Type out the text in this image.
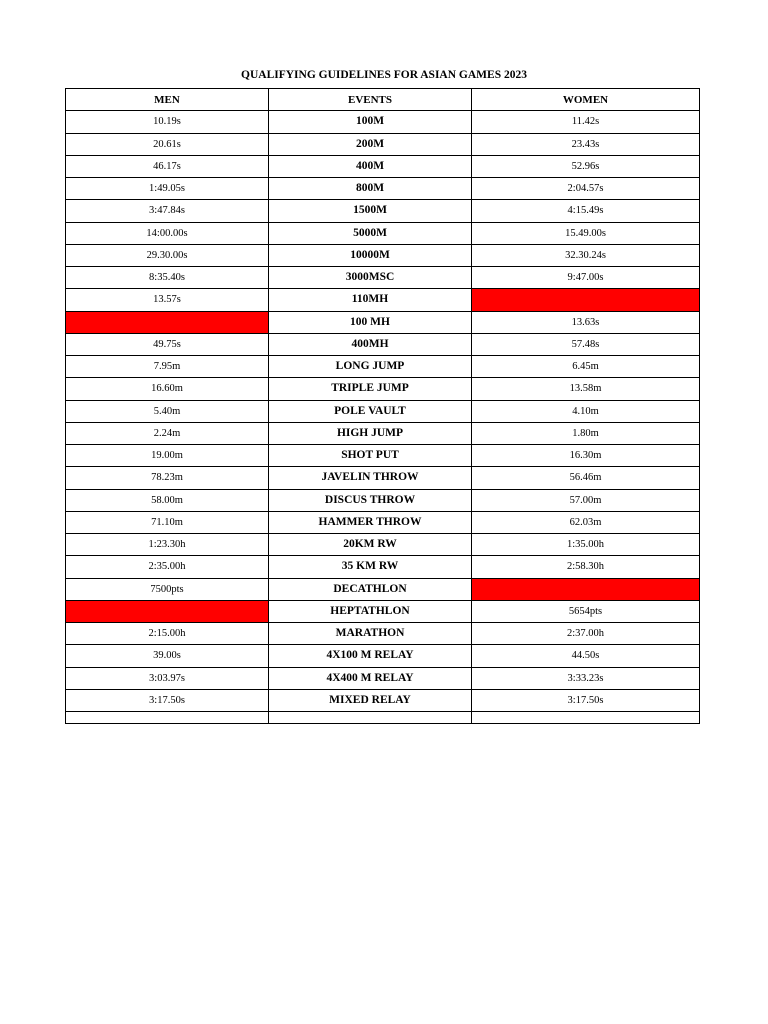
QUALIFYING GUIDELINES FOR ASIAN GAMES 2023
MEN	EVENTS	WOMEN
10.19s	100M	11.42s
20.61s	200M	23.43s
46.17s	400M	52.96s
1:49.05s	800M	2:04.57s
3:47.84s	1500M	4:15.49s
14:00.00s	5000M	15.49.00s
29.30.00s	10000M	32.30.24s
8:35.40s	3000MSC	9:47.00s
13.57s	110MH	
	100 MH	13.63s
49.75s	400MH	57.48s
7.95m	LONG JUMP	6.45m
16.60m	TRIPLE JUMP	13.58m
5.40m	POLE VAULT	4.10m
2.24m	HIGH JUMP	1.80m
19.00m	SHOT PUT	16.30m
78.23m	JAVELIN THROW	56.46m
58.00m	DISCUS THROW	57.00m
71.10m	HAMMER THROW	62.03m
1:23.30h	20KM RW	1:35.00h
2:35.00h	35 KM RW	2:58.30h
7500pts	DECATHLON	
	HEPTATHLON	5654pts
2:15.00h	MARATHON	2:37.00h
39.00s	4X100 M RELAY	44.50s
3:03.97s	4X400 M RELAY	3:33.23s
3:17.50s	MIXED RELAY	3:17.50s
